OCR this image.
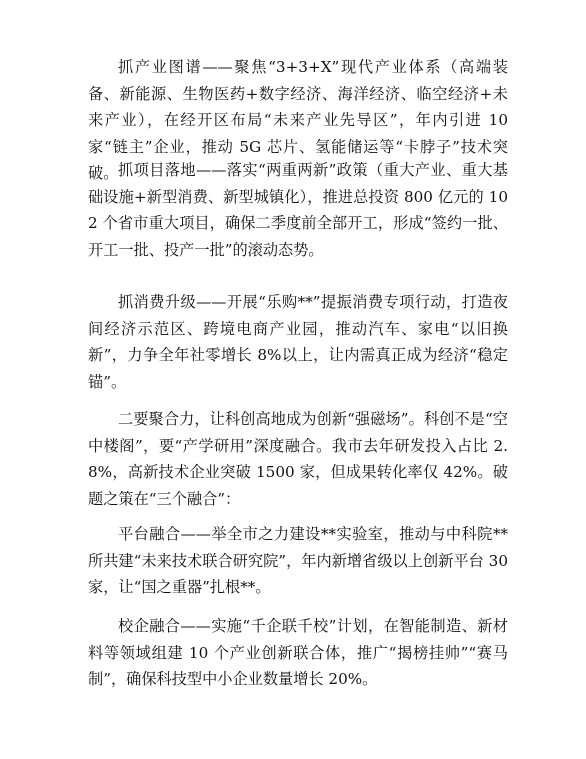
抓产业图谱——聚焦“3+3+X”现代产业体系（高端装备、新能源、生物医药+数字经济、海洋经济、临空经济+未来产业），在经开区布局“未来产业先导区”，年内引进 10 家“链主”企业，推动 5G 芯片、氢能储运等“卡脖子”技术突破。 抓项目落地——落实“两重两新”政策（重大产业、重大基础设施+新型消费、新型城镇化），推进总投资 800 亿元的 102 个省市重大项目，确保二季度前全部开工，形成“签约一批、开工一批、投产一批”的滚动态势。

抓消费升级——开展“乐购**”提振消费专项行动，打造夜间经济示范区、跨境电商产业园，推动汽车、家电“以旧换新”，力争全年社零增长 8%以上，让内需真正成为经济“稳定锚”。

二要聚合力，让科创高地成为创新“强磁场”。科创不是“空中楼阁”，要“产学研用”深度融合。我市去年研发投入占比 2.8%，高新技术企业突破 1500 家，但成果转化率仅 42%。破题之策在“三个融合”：

平台融合——举全市之力建设**实验室，推动与中科院**所共建“未来技术联合研究院”，年内新增省级以上创新平台 30 家，让“国之重器”扎根**。

校企融合——实施“千企联千校”计划，在智能制造、新材料等领域组建 10 个产业创新联合体，推广“揭榜挂帅”“赛马制”，确保科技型中小企业数量增长 20%。
